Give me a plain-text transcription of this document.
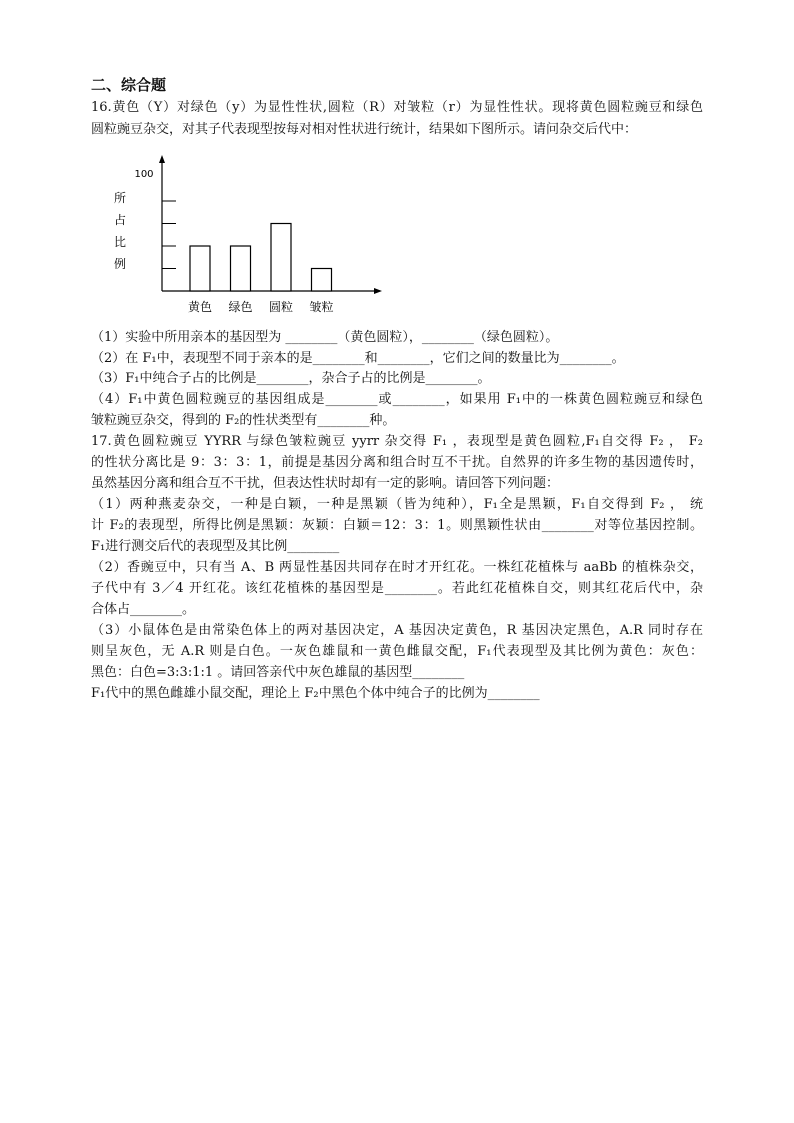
二、综合题
16.黄色（Y）对绿色（y）为显性性状,圆粒（R）对皱粒（r）为显性性状。现将黄色圆粒豌豆和绿色
圆粒豌豆杂交，对其子代表现型按每对相对性状进行统计，结果如下图所示。请问杂交后代中：
所占比例
100
黄色 绿色 圆粒 皱粒
（1）实验中所用亲本的基因型为 ________（黄色圆粒），________（绿色圆粒）。
（2）在 F₁中，表现型不同于亲本的是________和________，它们之间的数量比为________。
（3）F₁中纯合子占的比例是________，杂合子占的比例是________。
（4）F₁中黄色圆粒豌豆的基因组成是________或________，如果用 F₁中的一株黄色圆粒豌豆和绿色
皱粒豌豆杂交，得到的 F₂的性状类型有________种。
17.黄色圆粒豌豆 YYRR 与绿色皱粒豌豆 yyrr 杂交得 F₁ ，表现型是黄色圆粒,F₁自交得 F₂ ， F₂
的性状分离比是 9：3：3：1，前提是基因分离和组合时互不干扰。自然界的许多生物的基因遗传时，
虽然基因分离和组合互不干扰，但表达性状时却有一定的影响。请回答下列问题：
（1）两种燕麦杂交，一种是白颖，一种是黑颖（皆为纯种），F₁全是黑颖，F₁自交得到 F₂ ， 统
计 F₂的表现型，所得比例是黑颖：灰颖：白颖＝12：3：1。则黑颖性状由________对等位基因控制。
F₁进行测交后代的表现型及其比例________
（2）香豌豆中，只有当 A、B 两显性基因共同存在时才开红花。一株红花植株与 aaBb 的植株杂交，
子代中有 3／4 开红花。该红花植株的基因型是________。若此红花植株自交，则其红花后代中，杂
合体占________。
（3）小鼠体色是由常染色体上的两对基因决定，A 基因决定黄色，R 基因决定黑色，A.R 同时存在
则呈灰色，无 A.R 则是白色。一灰色雄鼠和一黄色雌鼠交配，F₁代表现型及其比例为黄色：灰色：
黑色：白色=3:3:1:1 。请回答亲代中灰色雄鼠的基因型________
F₁代中的黑色雌雄小鼠交配，理论上 F₂中黑色个体中纯合子的比例为________
